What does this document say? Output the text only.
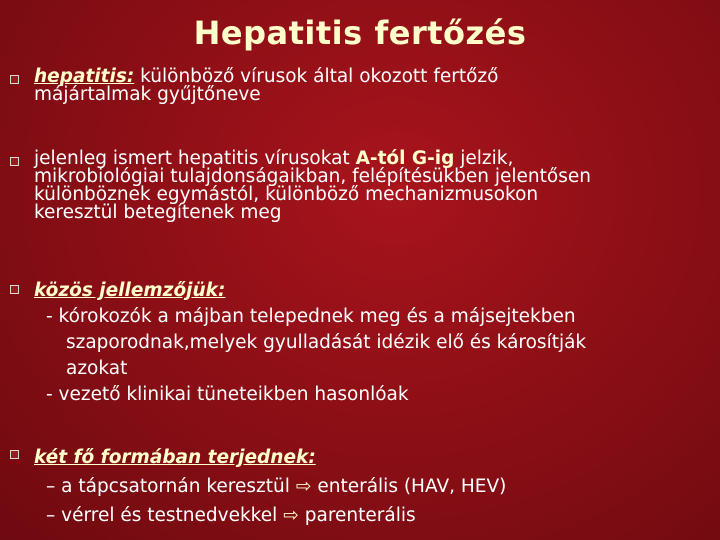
Hepatitis fertőzés
hepatitis: különböző vírusok által okozott fertőző
májártalmak gyűjtőneve
jelenleg ismert hepatitis vírusokat A-tól G-ig jelzik,
mikrobiológiai tulajdonságaikban, felépítésükben jelentősen
különböznek egymástól, különböző mechanizmusokon
keresztül betegítenek meg
közös jellemzőjük:
- kórokozók a májban telepednek meg és a májsejtekben
szaporodnak,melyek gyulladását idézik elő és károsítják
azokat
- vezető klinikai tüneteikben hasonlóak
két fő formában terjednek:
– a tápcsatornán keresztül ⇨ enterális (HAV, HEV)
– vérrel és testnedvekkel ⇨ parenterális
